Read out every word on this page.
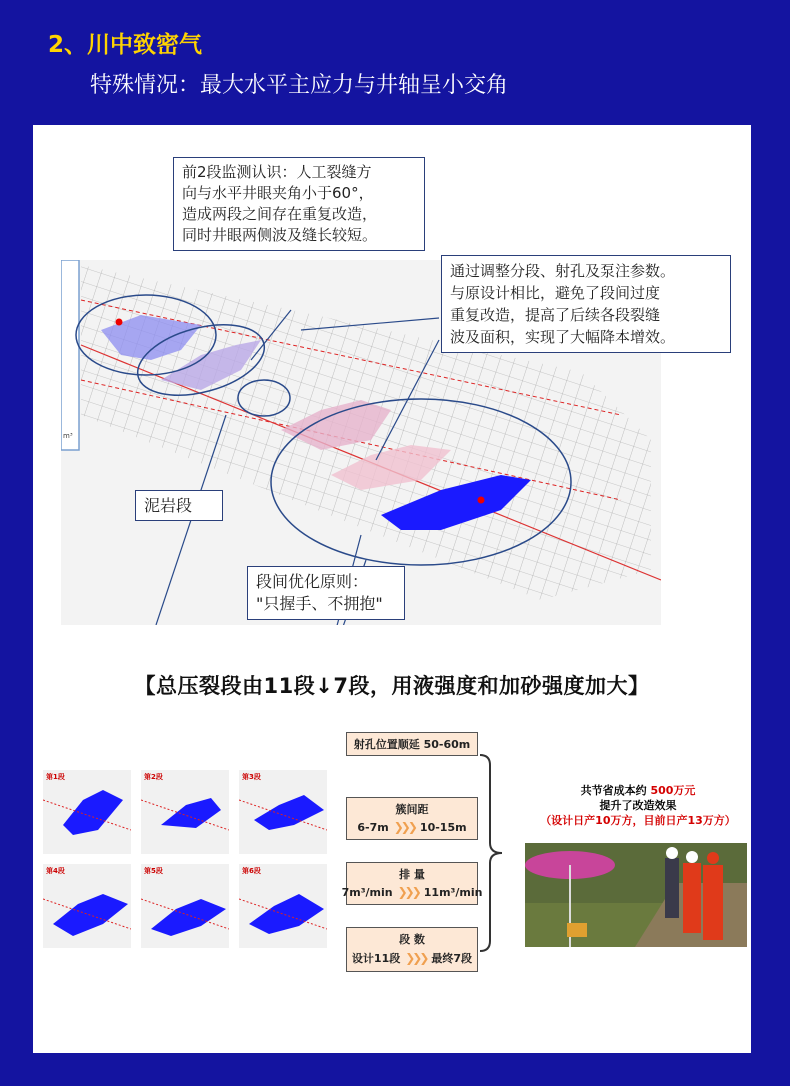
2、川中致密气
特殊情况：最大水平主应力与井轴呈小交角
m³
前2段监测认识：人工裂缝方
向与水平井眼夹角小于60°，
造成两段之间存在重复改造，
同时井眼两侧波及缝长较短。
通过调整分段、射孔及泵注参数。
与原设计相比，避免了段间过度
重复改造，提高了后续各段裂缝
波及面积，实现了大幅降本增效。
泥岩段
段间优化原则：
"只握手、不拥抱"
【总压裂段由11段↓7段，用液强度和加砂强度加大】
第1段	第2段	第3段
第4段	第5段	第6段
射孔位置顺延 50-60m
簇间距
6-7m ❯❯❯ 10-15m
排 量
7m³/min ❯❯❯ 11m³/min
段 数
设计11段 ❯❯❯ 最终7段
共节省成本约 500万元
提升了改造效果
（设计日产10万方，目前日产13万方）
